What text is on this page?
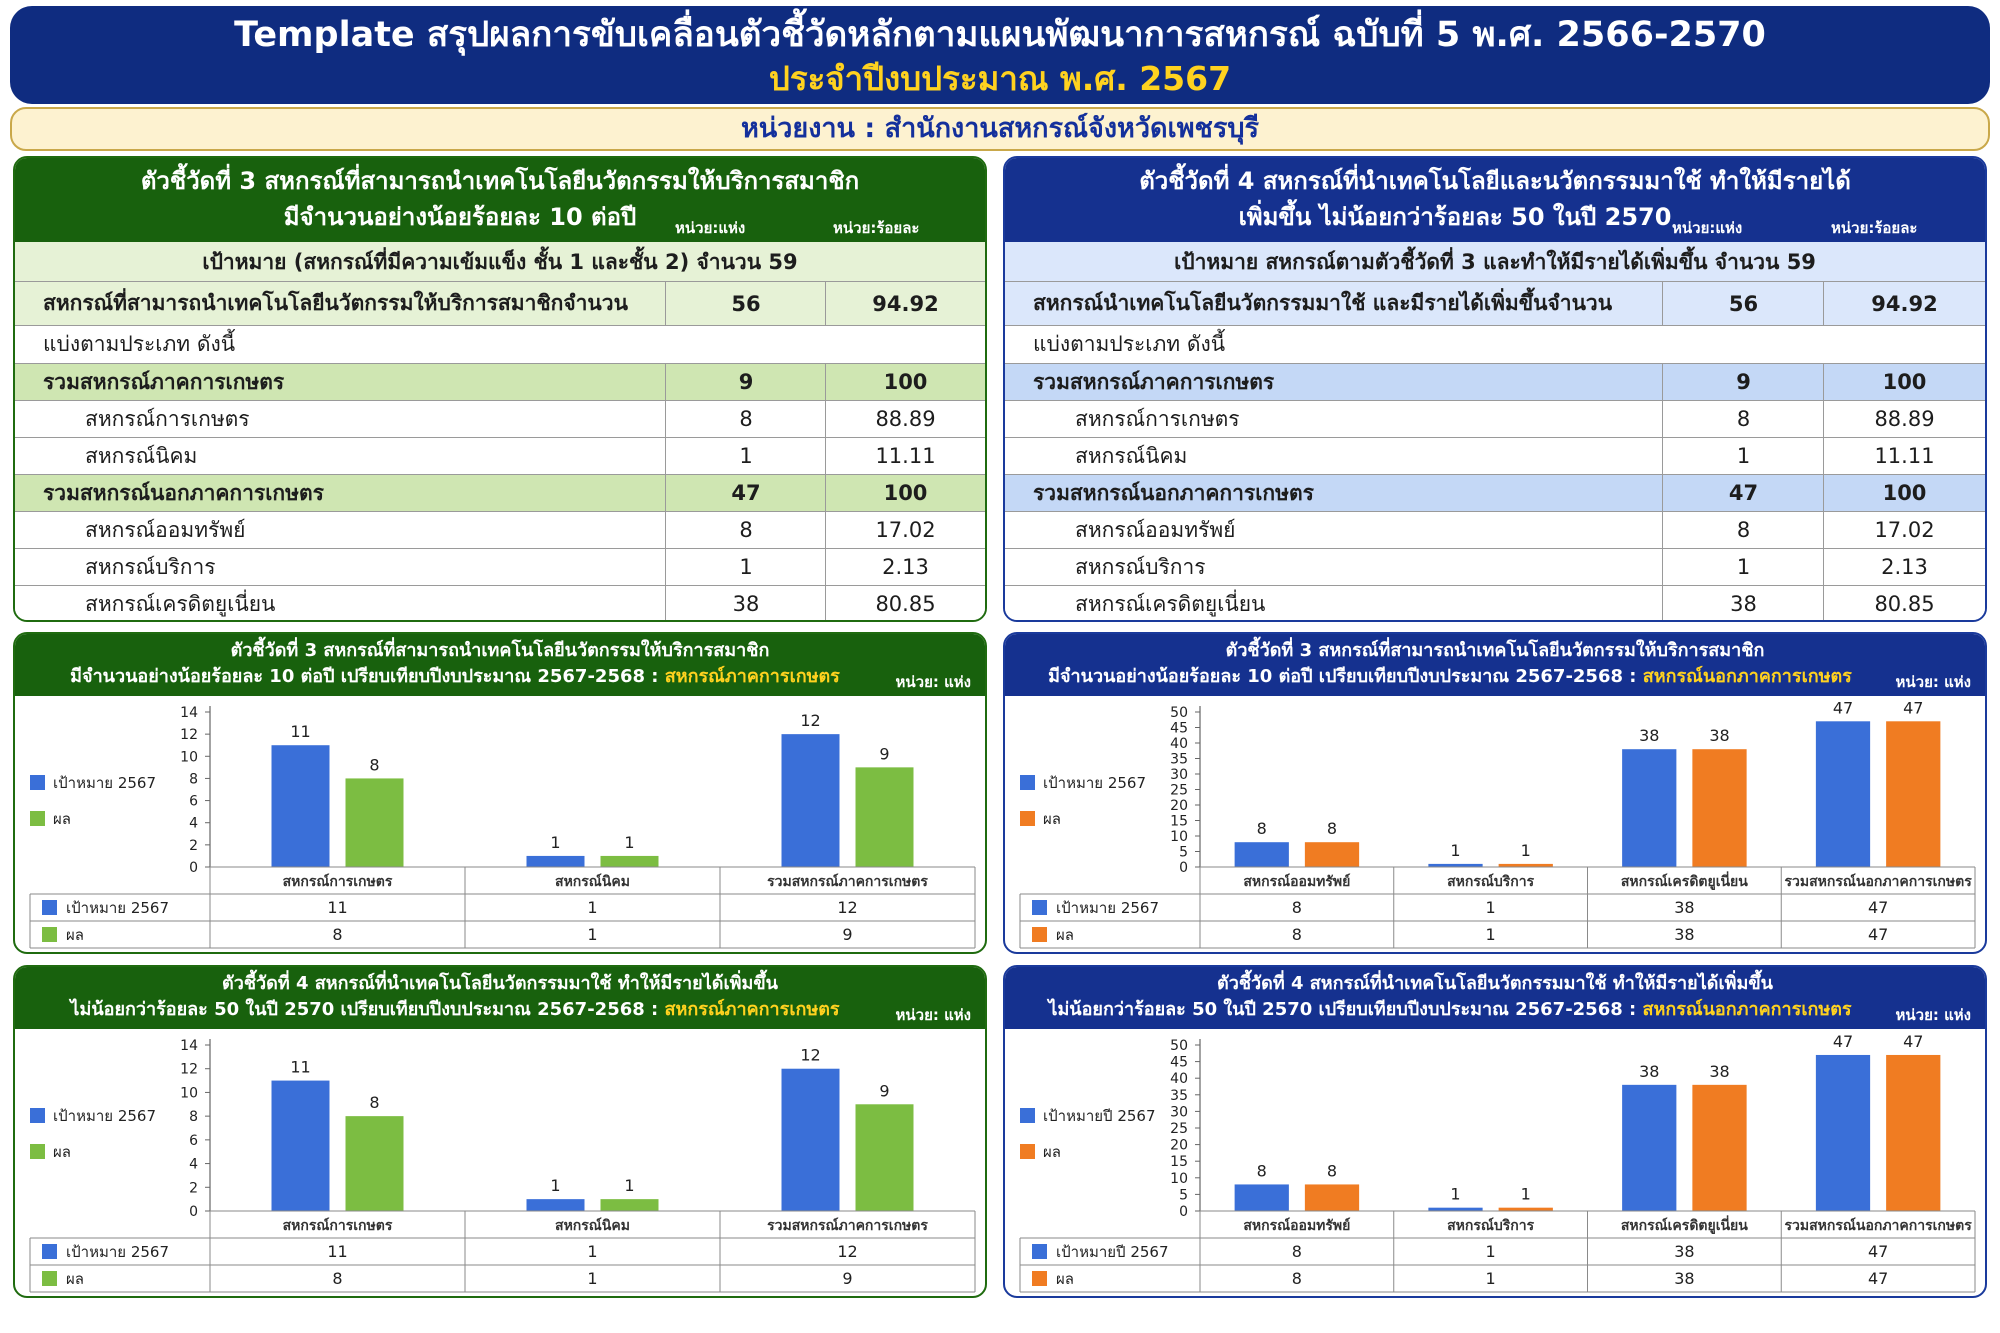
Template สรุปผลการขับเคลื่อนตัวชี้วัดหลักตามแผนพัฒนาการสหกรณ์ ฉบับที่ 5 พ.ศ. 2566-2570
ประจำปีงบประมาณ พ.ศ. 2567
หน่วยงาน : สำนักงานสหกรณ์จังหวัดเพชรบุรี
ตัวชี้วัดที่ 3 สหกรณ์ที่สามารถนำเทคโนโลยีนวัตกรรมให้บริการสมาชิก
มีจำนวนอย่างน้อยร้อยละ 10 ต่อปี	หน่วย:แห่ง	หน่วย:ร้อยละ
เป้าหมาย (สหกรณ์ที่มีความเข้มแข็ง ชั้น 1 และชั้น 2) จำนวน 59
สหกรณ์ที่สามารถนำเทคโนโลยีนวัตกรรมให้บริการสมาชิกจำนวน	56	94.92
แบ่งตามประเภท ดังนี้
รวมสหกรณ์ภาคการเกษตร	9	100
สหกรณ์การเกษตร	8	88.89
สหกรณ์นิคม	1	11.11
รวมสหกรณ์นอกภาคการเกษตร	47	100
สหกรณ์ออมทรัพย์	8	17.02
สหกรณ์บริการ	1	2.13
สหกรณ์เครดิตยูเนี่ยน	38	80.85
ตัวชี้วัดที่ 4 สหกรณ์ที่นำเทคโนโลยีและนวัตกรรมมาใช้ ทำให้มีรายได้
เพิ่มขึ้น ไม่น้อยกว่าร้อยละ 50 ในปี 2570 หน่วย:แห่ง	หน่วย:ร้อยละ
เป้าหมาย สหกรณ์ตามตัวชี้วัดที่ 3 และทำให้มีรายได้เพิ่มขึ้น จำนวน 59
สหกรณ์นำเทคโนโลยีนวัตกรรมมาใช้ และมีรายได้เพิ่มขึ้นจำนวน	56	94.92
แบ่งตามประเภท ดังนี้
รวมสหกรณ์ภาคการเกษตร	9	100
สหกรณ์การเกษตร	8	88.89
สหกรณ์นิคม	1	11.11
รวมสหกรณ์นอกภาคการเกษตร	47	100
สหกรณ์ออมทรัพย์	8	17.02
สหกรณ์บริการ	1	2.13
สหกรณ์เครดิตยูเนี่ยน	38	80.85
ตัวชี้วัดที่ 3 สหกรณ์ที่สามารถนำเทคโนโลยีนวัตกรรมให้บริการสมาชิก
มีจำนวนอย่างน้อยร้อยละ 10 ต่อปี เปรียบเทียบปีงบประมาณ 2567-2568 : สหกรณ์ภาคการเกษตร	หน่วย: แห่ง
0
2
4
6
8
10
12
14
เป้าหมาย 2567
ผล
11
8
1	1
12
9
สหกรณ์การเกษตร	สหกรณ์นิคม	รวมสหกรณ์ภาคการเกษตร
เป้าหมาย 2567	11	1	12
ผล	8	1	9
ตัวชี้วัดที่ 3 สหกรณ์ที่สามารถนำเทคโนโลยีนวัตกรรมให้บริการสมาชิก
มีจำนวนอย่างน้อยร้อยละ 10 ต่อปี เปรียบเทียบปีงบประมาณ 2567-2568 : สหกรณ์นอกภาคการเกษตร	หน่วย: แห่ง
0
5
10
15
20
25
30
35
40
45
50
เป้าหมาย 2567
ผล
8	8
1	1
38	38
47	47
สหกรณ์ออมทรัพย์	สหกรณ์บริการ	สหกรณ์เครดิตยูเนี่ยน	รวมสหกรณ์นอกภาคการเกษตร
เป้าหมาย 2567	8	1	38	47
ผล	8	1	38	47
ตัวชี้วัดที่ 4 สหกรณ์ที่นำเทคโนโลยีนวัตกรรมมาใช้ ทำให้มีรายได้เพิ่มขึ้น
ไม่น้อยกว่าร้อยละ 50 ในปี 2570 เปรียบเทียบปีงบประมาณ 2567-2568 : สหกรณ์ภาคการเกษตร	หน่วย: แห่ง
0
2
4
6
8
10
12
14
เป้าหมาย 2567
ผล
11
8
1	1
12
9
สหกรณ์การเกษตร	สหกรณ์นิคม	รวมสหกรณ์ภาคการเกษตร
เป้าหมาย 2567	11	1	12
ผล	8	1	9
ตัวชี้วัดที่ 4 สหกรณ์ที่นำเทคโนโลยีนวัตกรรมมาใช้ ทำให้มีรายได้เพิ่มขึ้น
ไม่น้อยกว่าร้อยละ 50 ในปี 2570 เปรียบเทียบปีงบประมาณ 2567-2568 : สหกรณ์นอกภาคการเกษตร	หน่วย: แห่ง
0
5
10
15
20
25
30
35
40
45
50
เป้าหมายปี 2567
ผล
8	8
1	1
38	38
47	47
สหกรณ์ออมทรัพย์	สหกรณ์บริการ	สหกรณ์เครดิตยูเนี่ยน	รวมสหกรณ์นอกภาคการเกษตร
เป้าหมายปี 2567	8	1	38	47
ผล	8	1	38	47
